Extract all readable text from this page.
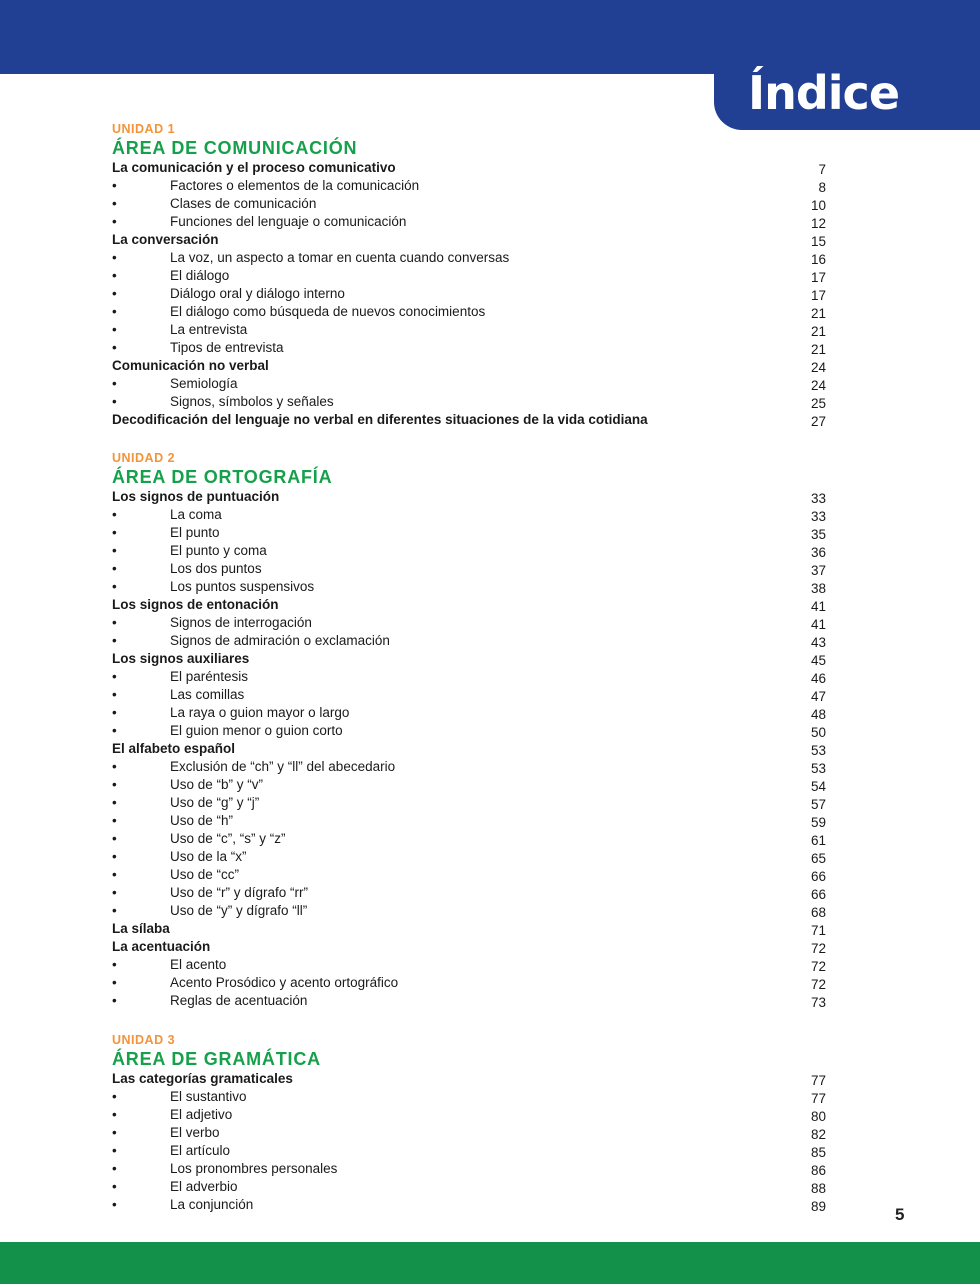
Índice
UNIDAD 1
ÁREA DE COMUNICACIÓN
La comunicación y el proceso comunicativo	7
•	Factores o elementos de la comunicación	8
•	Clases de comunicación	10
•	Funciones del lenguaje o comunicación	12
La conversación	15
•	La voz, un aspecto a tomar en cuenta cuando conversas	16
•	El diálogo	17
•	Diálogo oral y diálogo interno	17
•	El diálogo como búsqueda de nuevos conocimientos	21
•	La entrevista	21
•	Tipos de entrevista	21
Comunicación no verbal	24
•	Semiología	24
•	Signos, símbolos y señales	25
Decodificación del lenguaje no verbal en diferentes situaciones de la vida cotidiana	27
UNIDAD 2
ÁREA DE ORTOGRAFÍA
Los signos de puntuación	33
•	La coma	33
•	El punto	35
•	El punto y coma	36
•	Los dos puntos	37
•	Los puntos suspensivos	38
Los signos de entonación	41
•	Signos de interrogación	41
•	Signos de admiración o exclamación	43
Los signos auxiliares	45
•	El paréntesis	46
•	Las comillas	47
•	La raya o guion mayor o largo	48
•	El guion menor o guion corto	50
El alfabeto español	53
•	Exclusión de “ch” y “ll” del abecedario	53
•	Uso de “b” y “v”	54
•	Uso de “g” y “j”	57
•	Uso de “h”	59
•	Uso de “c”, “s” y “z”	61
•	Uso de la “x”	65
•	Uso de “cc”	66
•	Uso de “r” y dígrafo “rr”	66
•	Uso de “y” y dígrafo “ll”	68
La sílaba	71
La acentuación	72
•	El acento	72
•	Acento Prosódico y acento ortográfico	72
•	Reglas de acentuación	73
UNIDAD 3
ÁREA DE GRAMÁTICA
Las categorías gramaticales	77
•	El sustantivo	77
•	El adjetivo	80
•	El verbo	82
•	El artículo	85
•	Los pronombres personales	86
•	El adverbio	88
•	La conjunción	89	5
